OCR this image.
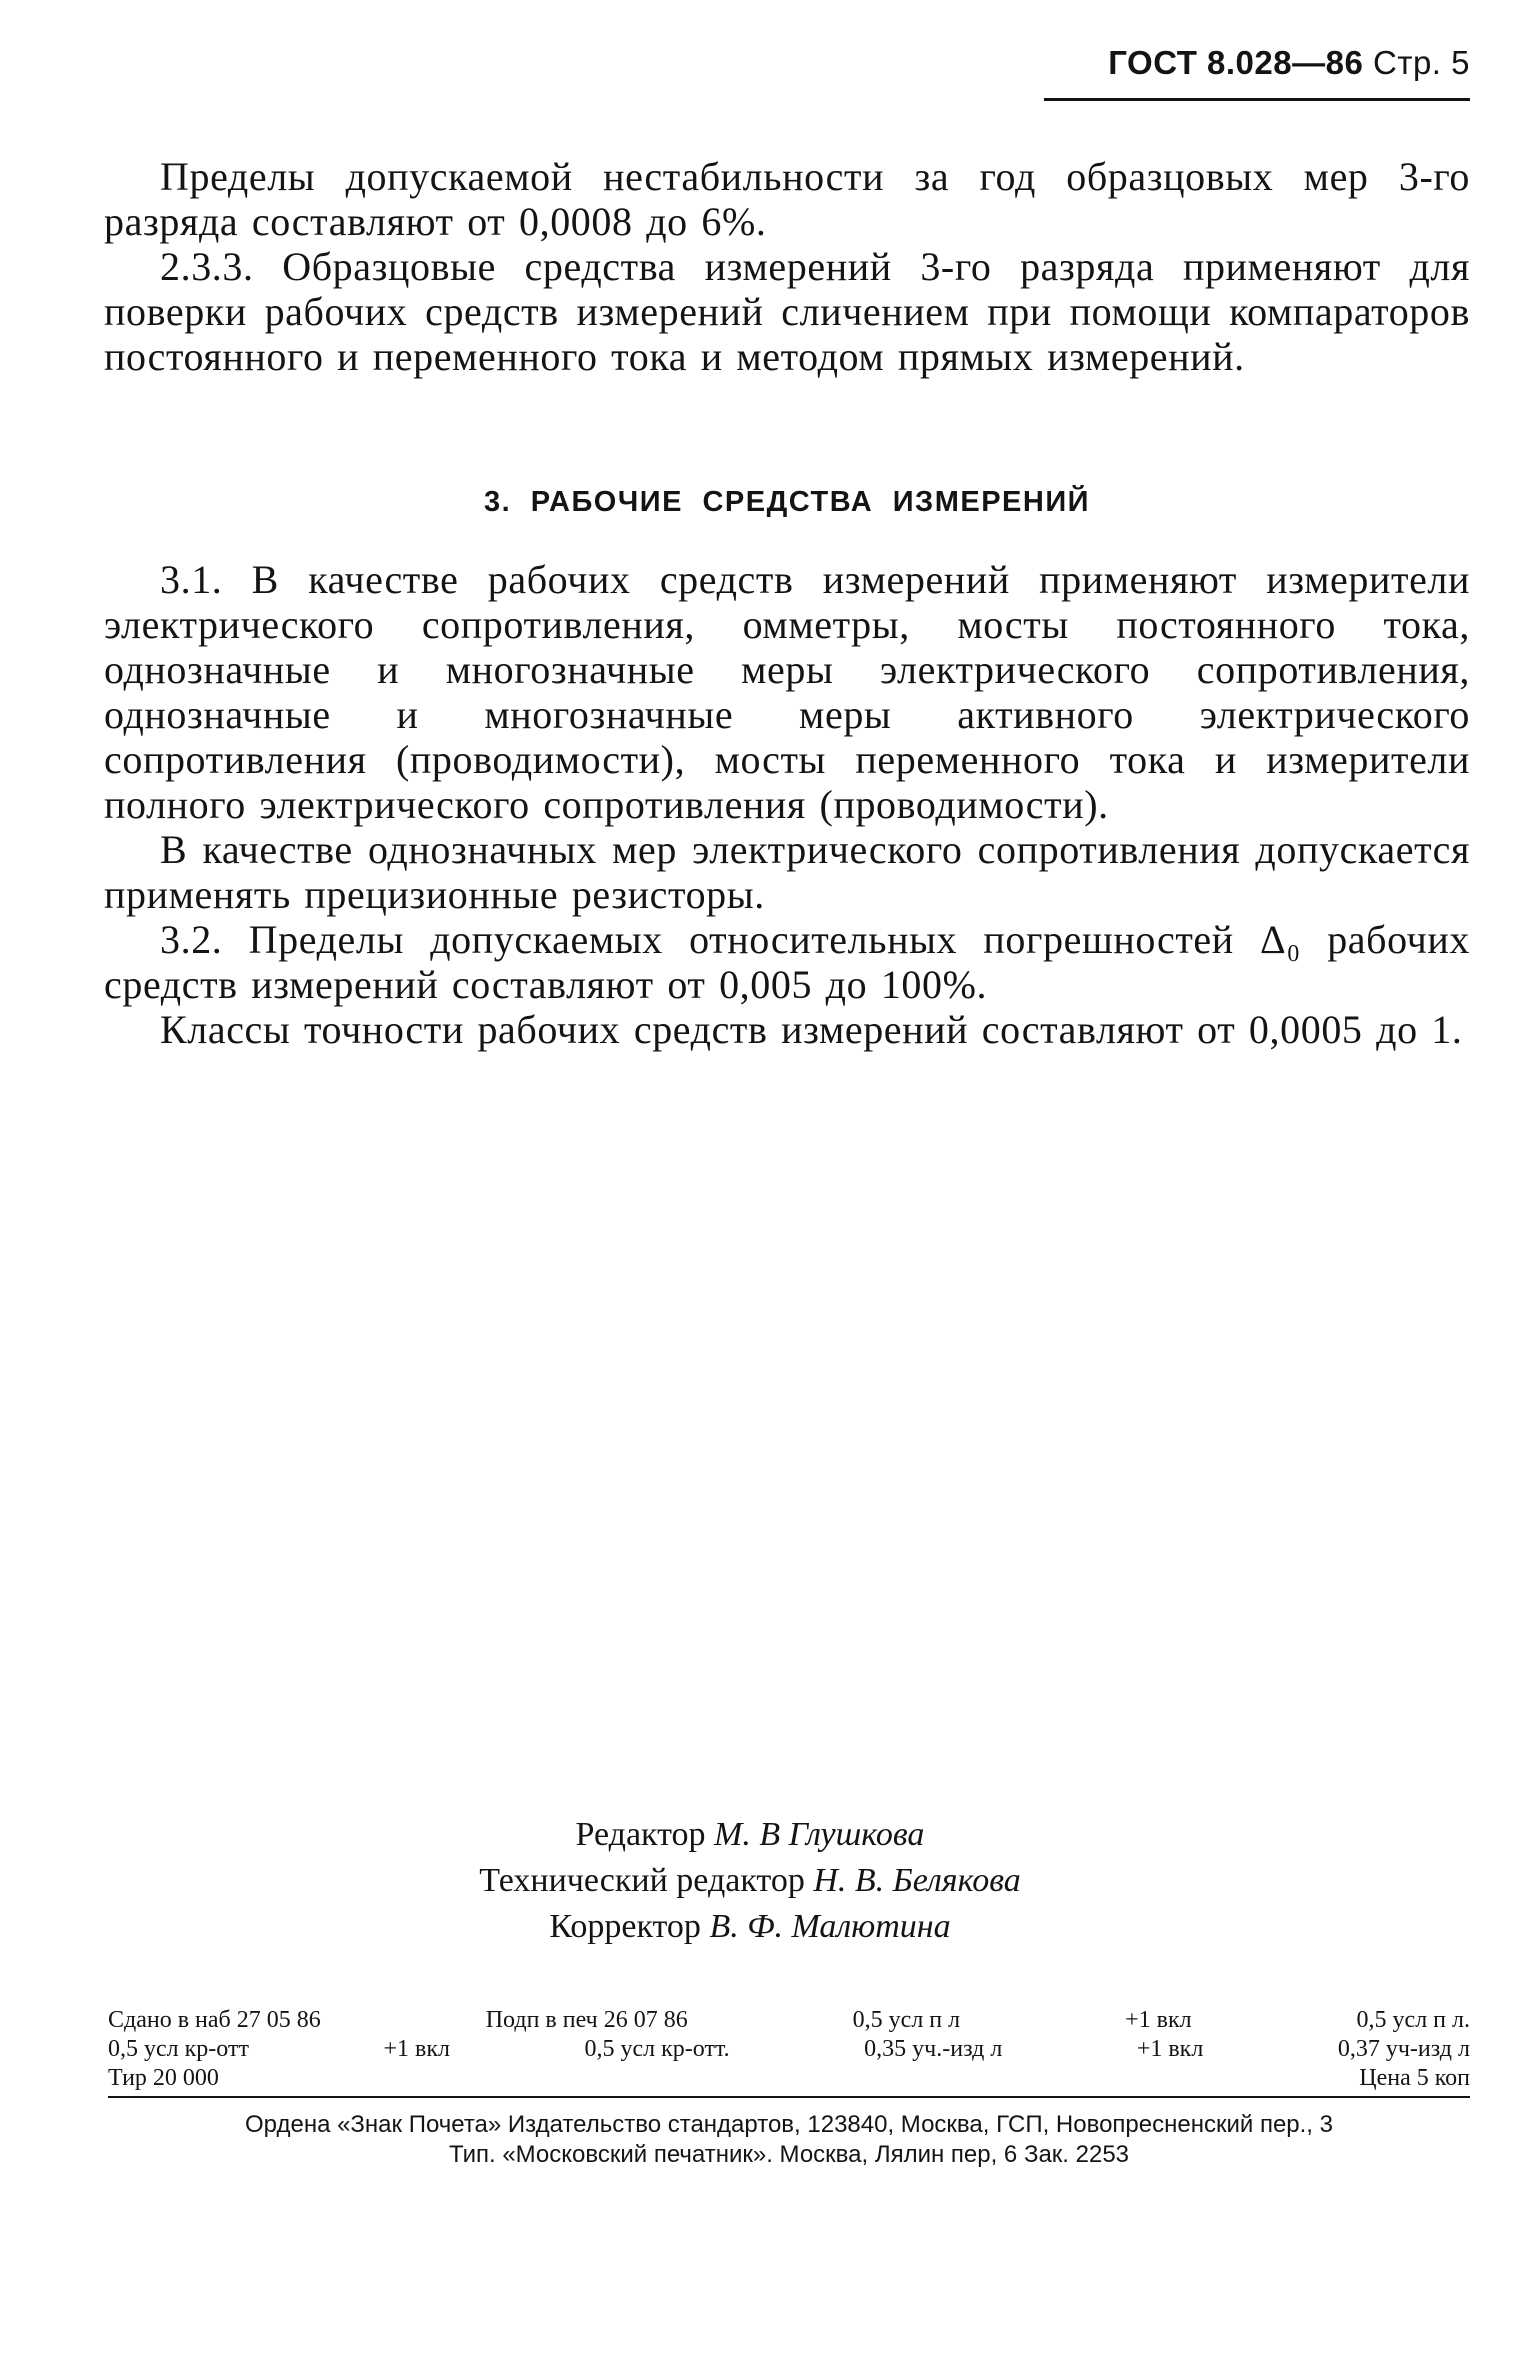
ГОСТ 8.028—86 Стр. 5

Пределы допускаемой нестабильности за год образцовых мер 3-го разряда составляют от 0,0008 до 6%.

2.3.3. Образцовые средства измерений 3-го разряда применяют для поверки рабочих средств измерений сличением при помощи компараторов постоянного и переменного тока и методом прямых измерений.

3. РАБОЧИЕ СРЕДСТВА ИЗМЕРЕНИЙ

3.1. В качестве рабочих средств измерений применяют измерители электрического сопротивления, омметры, мосты постоянного тока, однозначные и многозначные меры электрического сопротивления, однозначные и многозначные меры активного электрического сопротивления (проводимости), мосты переменного тока и измерители полного электрического сопротивления (проводимости).

В качестве однозначных мер электрического сопротивления допускается применять прецизионные резисторы.

3.2. Пределы допускаемых относительных погрешностей Δ₀ рабочих средств измерений составляют от 0,005 до 100%.

Классы точности рабочих средств измерений составляют от 0,0005 до 1.

Редактор М. В Глушкова
Технический редактор Н. В. Белякова
Корректор В. Ф. Малютина
Сдано в наб 27 05 86	Подп в печ 26 07 86	0,5 усл п л	+1 вкл	0,5 усл п л.
0,5 усл кр-отт	+1 вкл	0,5 усл кр-отт.	0,35 уч.-изд л	+1 вкл	0,37 уч-изд л
Тир 20 000	Цена 5 коп
Ордена «Знак Почета» Издательство стандартов, 123840, Москва, ГСП, Новопресненский пер., 3
Тип. «Московский печатник». Москва, Лялин пер, 6 Зак. 2253
